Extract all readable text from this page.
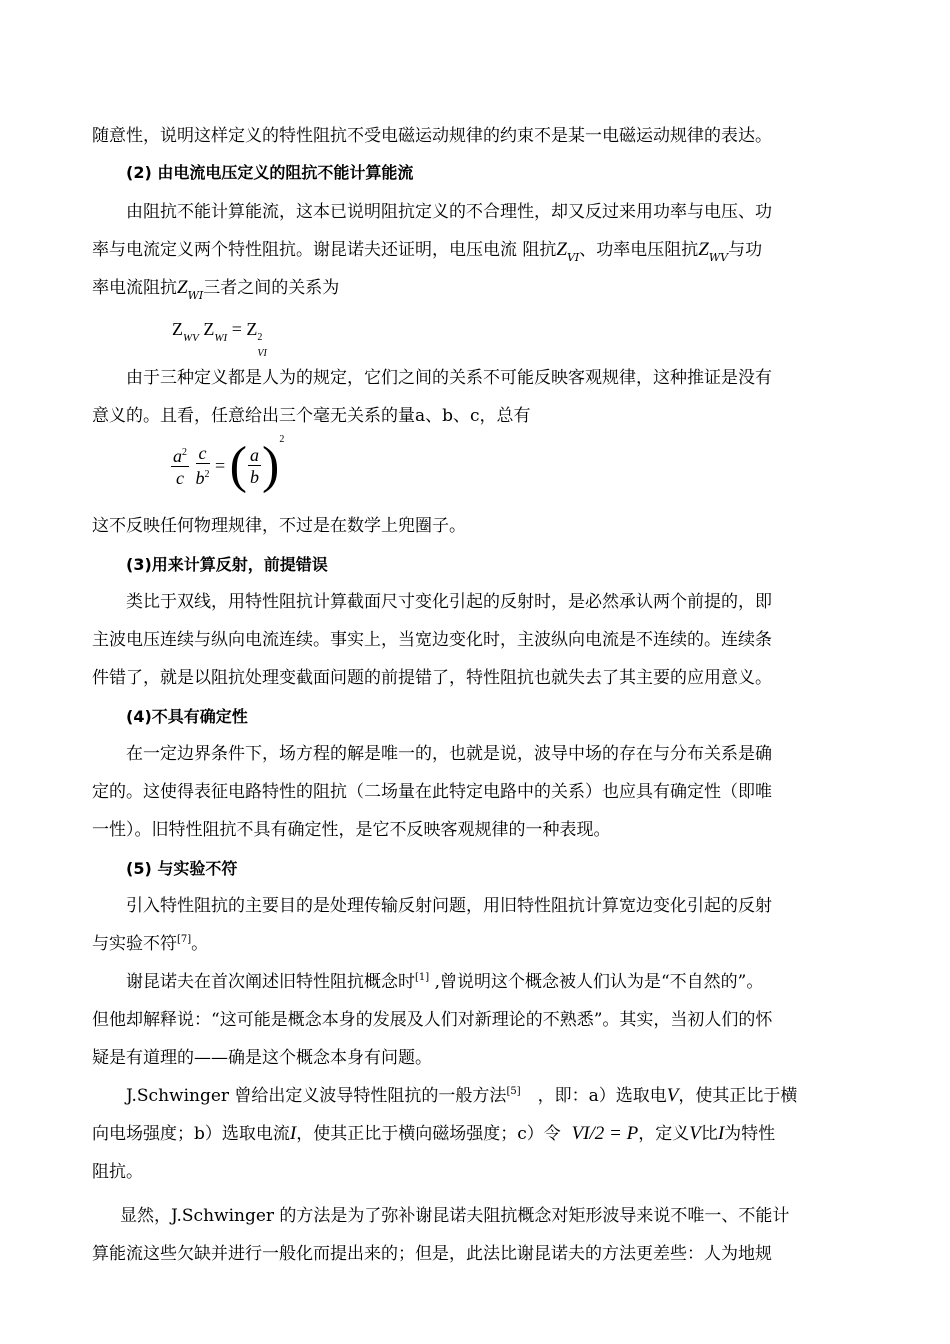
随意性，说明这样定义的特性阻抗不受电磁运动规律的约束不是某一电磁运动规律的表达。

(2) 由电流电压定义的阻抗不能计算能流

由阻抗不能计算能流，这本已说明阻抗定义的不合理性，却又反过来用功率与电压、功

率与电流定义两个特性阻抗。谢昆诺夫还证明，电压电流 阻抗$Z_{VI}$、功率电压阻抗$Z_{WV}$与功

率电流阻抗$Z_{WI}$三者之间的关系为

$Z_{WV}$ $Z_{WI} = Z$ 2
VI

由于三种定义都是人为的规定，它们之间的关系不可能反映客观规律，这种推证是没有

意义的。且看，任意给出三个毫无关系的量a、b、c，总有

$\frac{a^2}{c}$
$\frac{c}{b^2}$ = ( $\frac{a}{b} )^2$

这不反映任何物理规律，不过是在数学上兜圈子。

(3)用来计算反射，前提错误

类比于双线，用特性阻抗计算截面尺寸变化引起的反射时，是必然承认两个前提的，即

主波电压连续与纵向电流连续。事实上，当宽边变化时，主波纵向电流是不连续的。连续条

件错了，就是以阻抗处理变截面问题的前提错了，特性阻抗也就失去了其主要的应用意义。

(4)不具有确定性

在一定边界条件下，场方程的解是唯一的，也就是说，波导中场的存在与分布关系是确

定的。这使得表征电路特性的阻抗（二场量在此特定电路中的关系）也应具有确定性（即唯

一性）。旧特性阻抗不具有确定性，是它不反映客观规律的一种表现。

(5) 与实验不符

引入特性阻抗的主要目的是处理传输反射问题，用旧特性阻抗计算宽边变化引起的反射

与实验不符[7]。

谢昆诺夫在首次阐述旧特性阻抗概念时[1] ,曾说明这个概念被人们认为是“不自然的”。

但他却解释说：“这可能是概念本身的发展及人们对新理论的不熟悉”。其实，当初人们的怀

疑是有道理的——确是这个概念本身有问题。

J.Schwinger 曾给出定义波导特性阻抗的一般方法[5]　，即：a）选取电V，使其正比于横

向电场强度；b）选取电流I，使其正比于横向磁场强度；c）令 VI/2 = P，定义V比I为特性

阻抗。

显然，J.Schwinger 的方法是为了弥补谢昆诺夫阻抗概念对矩形波导来说不唯一、不能计

算能流这些欠缺并进行一般化而提出来的；但是，此法比谢昆诺夫的方法更差些：人为地规
